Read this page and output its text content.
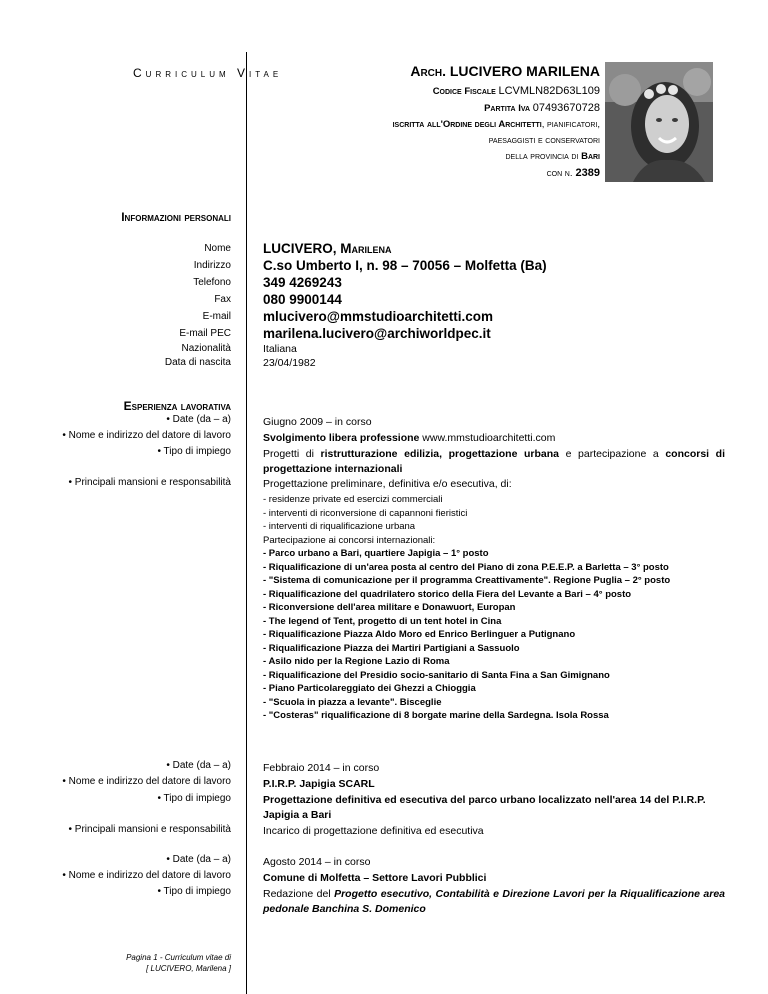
Curriculum Vitae	Arch. LUCIVERO MARILENA
Codice Fiscale LCVMLN82D63L109
Partita Iva 07493670728
iscritta all'Ordine degli Architetti, pianificatori,
paesaggisti e conservatori
della provincia di Bari
con n. 2389
Informazioni personali
Nome
Indirizzo
Telefono
Fax
E-mail
E-mail PEC
Nazionalità
Data di nascita
LUCIVERO, Marilena
C.so Umberto I, n. 98 – 70056 – Molfetta (Ba)
349 4269243
080 9900144
mlucivero@mmstudioarchitetti.com
marilena.lucivero@archiworldpec.it
Italiana
23/04/1982
Esperienza lavorativa
• Date (da – a)
• Nome e indirizzo del datore di lavoro
• Tipo di impiego
• Principali mansioni e responsabilità
Giugno 2009 – in corso
Svolgimento libera professione www.mmstudioarchitetti.com
Progetti di ristrutturazione edilizia, progettazione urbana e partecipazione a concorsi di progettazione internazionali
Progettazione preliminare, definitiva e/o esecutiva, di:
- residenze private ed esercizi commerciali
- interventi di riconversione di capannoni fieristici
- interventi di riqualificazione urbana
Partecipazione ai concorsi internazionali:
- Parco urbano a Bari, quartiere Japigia – 1° posto
- Riqualificazione di un'area posta al centro del Piano di zona P.E.E.P. a Barletta – 3° posto
- "Sistema di comunicazione per il programma Creattivamente". Regione Puglia – 2° posto
- Riqualificazione del quadrilatero storico della Fiera del Levante a Bari – 4° posto
- Riconversione dell'area militare e Donawuort, Europan
- The legend of Tent, progetto di un tent hotel in Cina
- Riqualificazione Piazza Aldo Moro ed Enrico Berlinguer a Putignano
- Riqualificazione Piazza dei Martiri Partigiani a Sassuolo
- Asilo nido per la Regione Lazio di Roma
- Riqualificazione del Presidio socio-sanitario di Santa Fina a San Gimignano
- Piano Particolareggiato dei Ghezzi a Chioggia
- "Scuola in piazza a levante". Bisceglie
- "Costeras" riqualificazione di 8 borgate marine della Sardegna. Isola Rossa
• Date (da – a)
• Nome e indirizzo del datore di lavoro
• Tipo di impiego
• Principali mansioni e responsabilità
Febbraio 2014 – in corso
P.I.R.P. Japigia SCARL
Progettazione definitiva ed esecutiva del parco urbano localizzato nell'area 14 del P.I.R.P. Japigia a Bari
Incarico di progettazione definitiva ed esecutiva
• Date (da – a)
• Nome e indirizzo del datore di lavoro
• Tipo di impiego
Agosto 2014 – in corso
Comune di Molfetta – Settore Lavori Pubblici
Redazione del Progetto esecutivo, Contabilità e Direzione Lavori per la Riqualificazione area pedonale Banchina S. Domenico
Pagina 1 - Curriculum vitae di
[ LUCIVERO, Marilena ]
